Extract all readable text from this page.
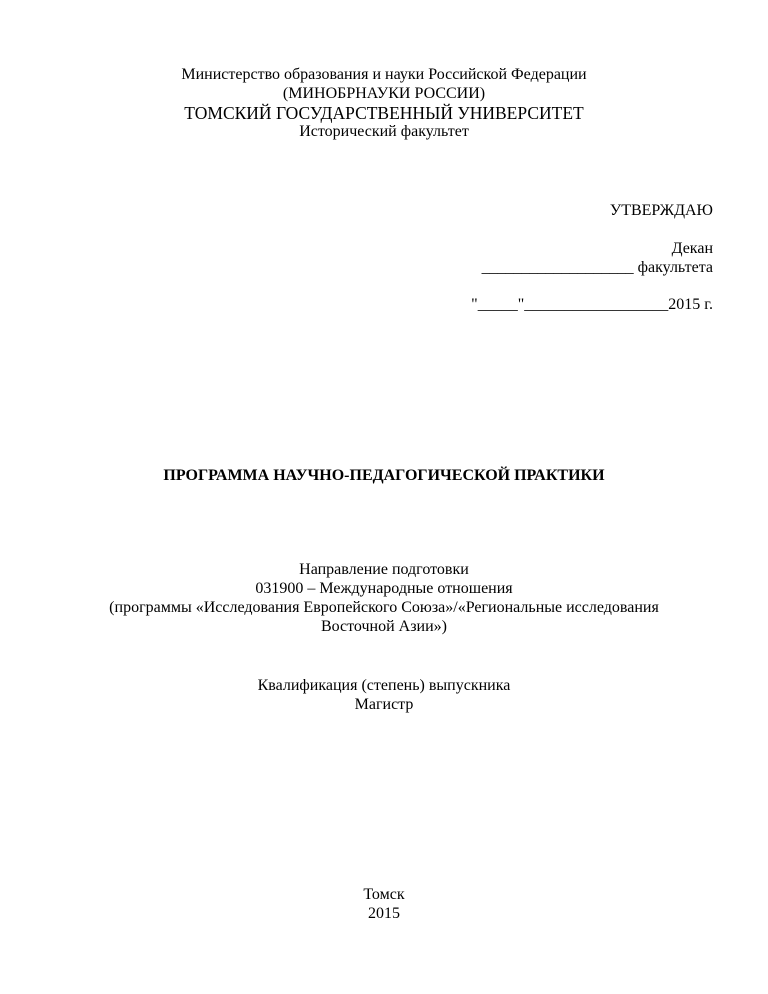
Министерство образования и науки Российской Федерации
(МИНОБРНАУКИ РОССИИ)
ТОМСКИЙ ГОСУДАРСТВЕННЫЙ УНИВЕРСИТЕТ
Исторический факультет
УТВЕРЖДАЮ
Декан
___________________ факультета
"_____"__________________2015 г.
ПРОГРАММА НАУЧНО-ПЕДАГОГИЧЕСКОЙ ПРАКТИКИ
Направление подготовки
031900 – Международные отношения
(программы «Исследования Европейского Союза»/«Региональные исследования
Восточной Азии»)
Квалификация (степень) выпускника
Магистр
Томск
2015
